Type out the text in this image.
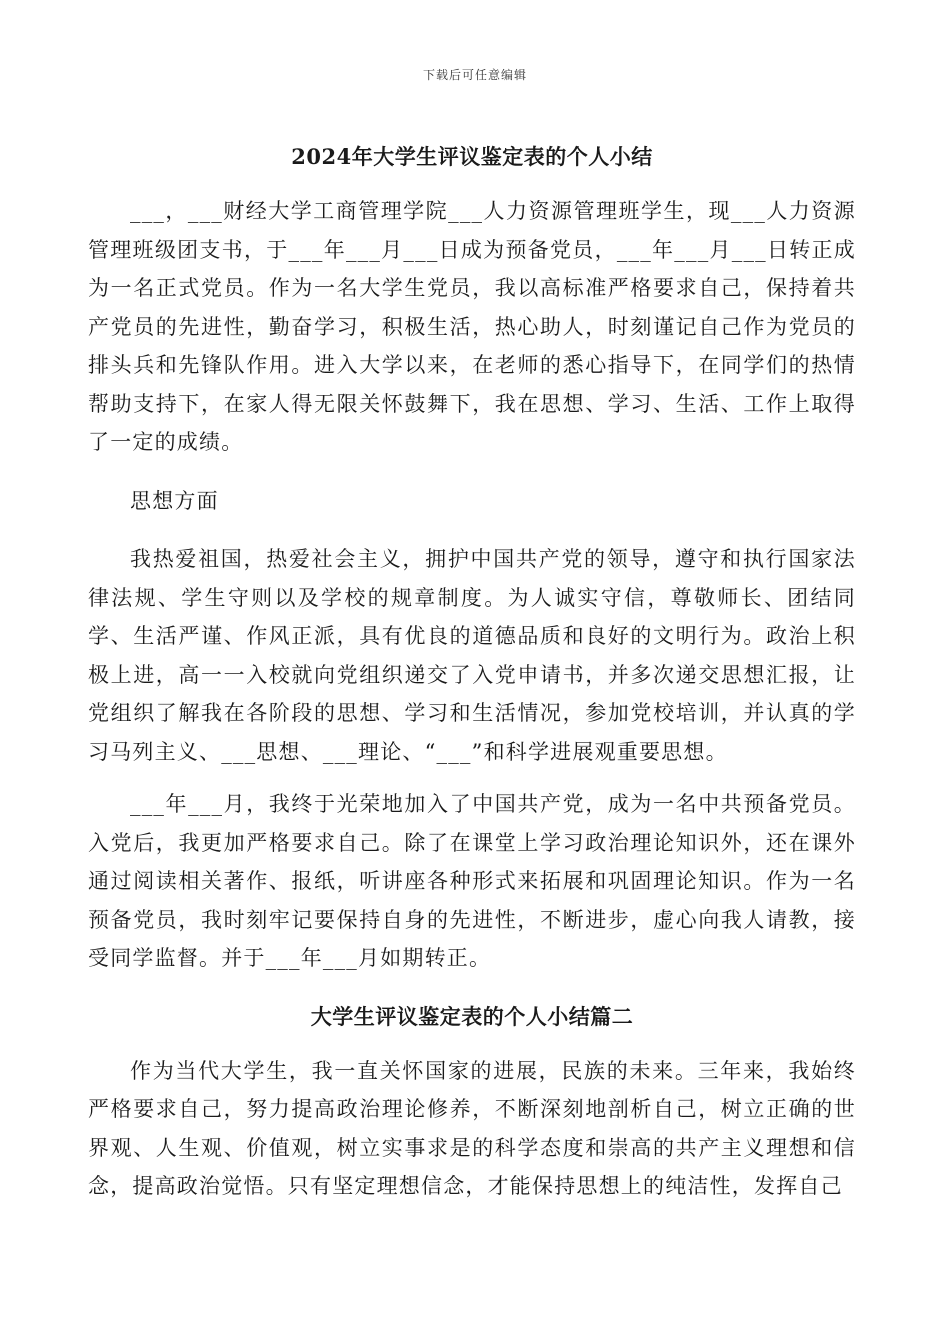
下载后可任意编辑
2024年大学生评议鉴定表的个人小结

___，___财经大学工商管理学院___人力资源管理班学生，现___人力资源管理班级团支书，于___年___月___日成为预备党员，___年___月___日转正成为一名正式党员。作为一名大学生党员，我以高标准严格要求自己，保持着共产党员的先进性，勤奋学习，积极生活，热心助人，时刻谨记自己作为党员的排头兵和先锋队作用。进入大学以来，在老师的悉心指导下，在同学们的热情帮助支持下，在家人得无限关怀鼓舞下，我在思想、学习、生活、工作上取得了一定的成绩。

思想方面

我热爱祖国，热爱社会主义，拥护中国共产党的领导，遵守和执行国家法律法规、学生守则以及学校的规章制度。为人诚实守信，尊敬师长、团结同学、生活严谨、作风正派，具有优良的道德品质和良好的文明行为。政治上积极上进，高一一入校就向党组织递交了入党申请书，并多次递交思想汇报，让党组织了解我在各阶段的思想、学习和生活情况，参加党校培训，并认真的学习马列主义、___思想、___理论、“___”和科学进展观重要思想。

___年___月，我终于光荣地加入了中国共产党，成为一名中共预备党员。入党后，我更加严格要求自己。除了在课堂上学习政治理论知识外，还在课外通过阅读相关著作、报纸，听讲座各种形式来拓展和巩固理论知识。作为一名预备党员，我时刻牢记要保持自身的先进性，不断进步，虚心向我人请教，接受同学监督。并于___年___月如期转正。

大学生评议鉴定表的个人小结篇二

作为当代大学生，我一直关怀国家的进展，民族的未来。三年来，我始终严格要求自己，努力提高政治理论修养，不断深刻地剖析自己，树立正确的世界观、人生观、价值观，树立实事求是的科学态度和崇高的共产主义理想和信念，提高政治觉悟。只有坚定理想信念，才能保持思想上的纯洁性，发挥自己
